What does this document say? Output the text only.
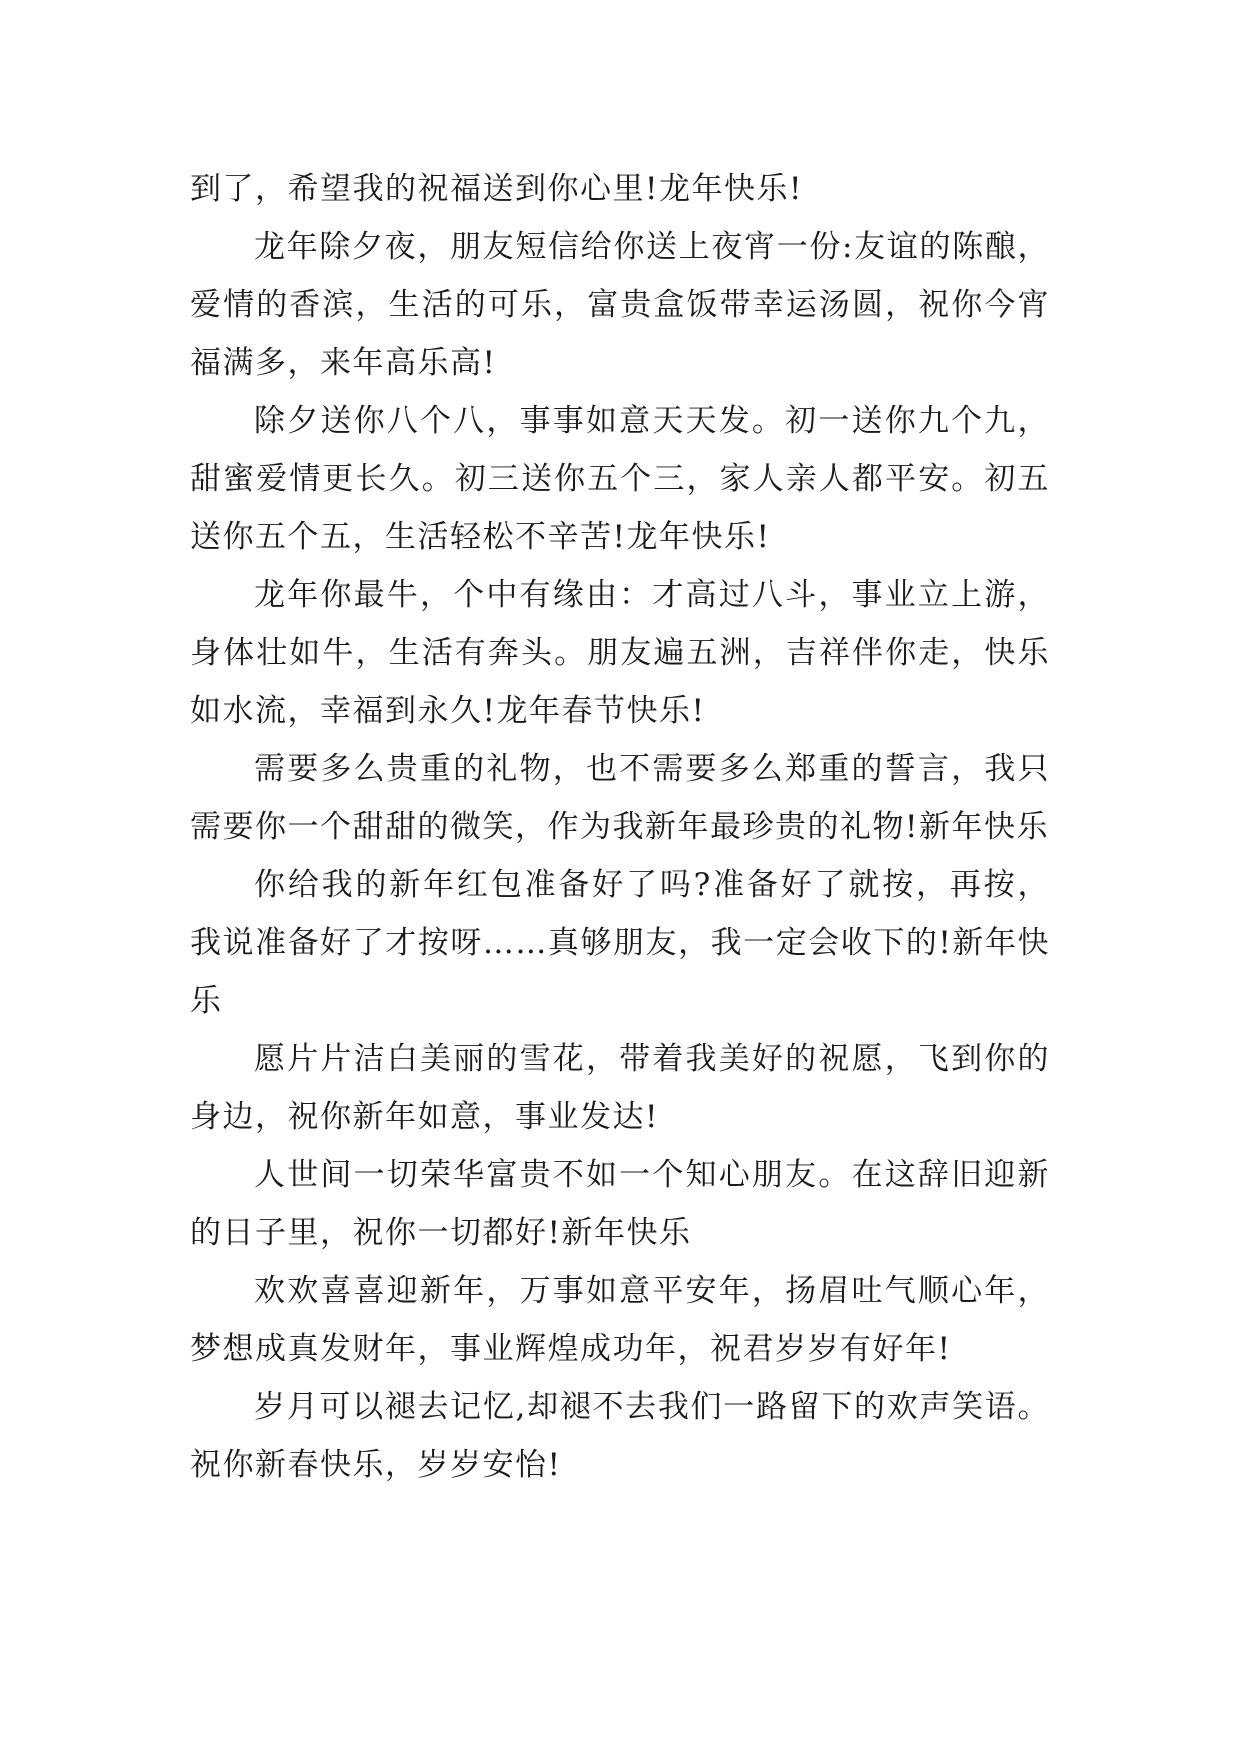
到了，希望我的祝福送到你心里!龙年快乐!

龙年除夕夜，朋友短信给你送上夜宵一份:友谊的陈酿，爱情的香滨，生活的可乐，富贵盒饭带幸运汤圆，祝你今宵福满多，来年高乐高!

除夕送你八个八，事事如意天天发。初一送你九个九，甜蜜爱情更长久。初三送你五个三，家人亲人都平安。初五送你五个五，生活轻松不辛苦!龙年快乐!

龙年你最牛，个中有缘由：才高过八斗，事业立上游，身体壮如牛，生活有奔头。朋友遍五洲，吉祥伴你走，快乐如水流，幸福到永久!龙年春节快乐!

需要多么贵重的礼物，也不需要多么郑重的誓言，我只需要你一个甜甜的微笑，作为我新年最珍贵的礼物!新年快乐

你给我的新年红包准备好了吗?准备好了就按，再按，我说准备好了才按呀……真够朋友，我一定会收下的!新年快乐

愿片片洁白美丽的雪花，带着我美好的祝愿，飞到你的身边，祝你新年如意，事业发达!

人世间一切荣华富贵不如一个知心朋友。在这辞旧迎新的日子里，祝你一切都好!新年快乐

欢欢喜喜迎新年，万事如意平安年，扬眉吐气顺心年，梦想成真发财年，事业辉煌成功年，祝君岁岁有好年!

岁月可以褪去记忆,却褪不去我们一路留下的欢声笑语。祝你新春快乐，岁岁安怡!
